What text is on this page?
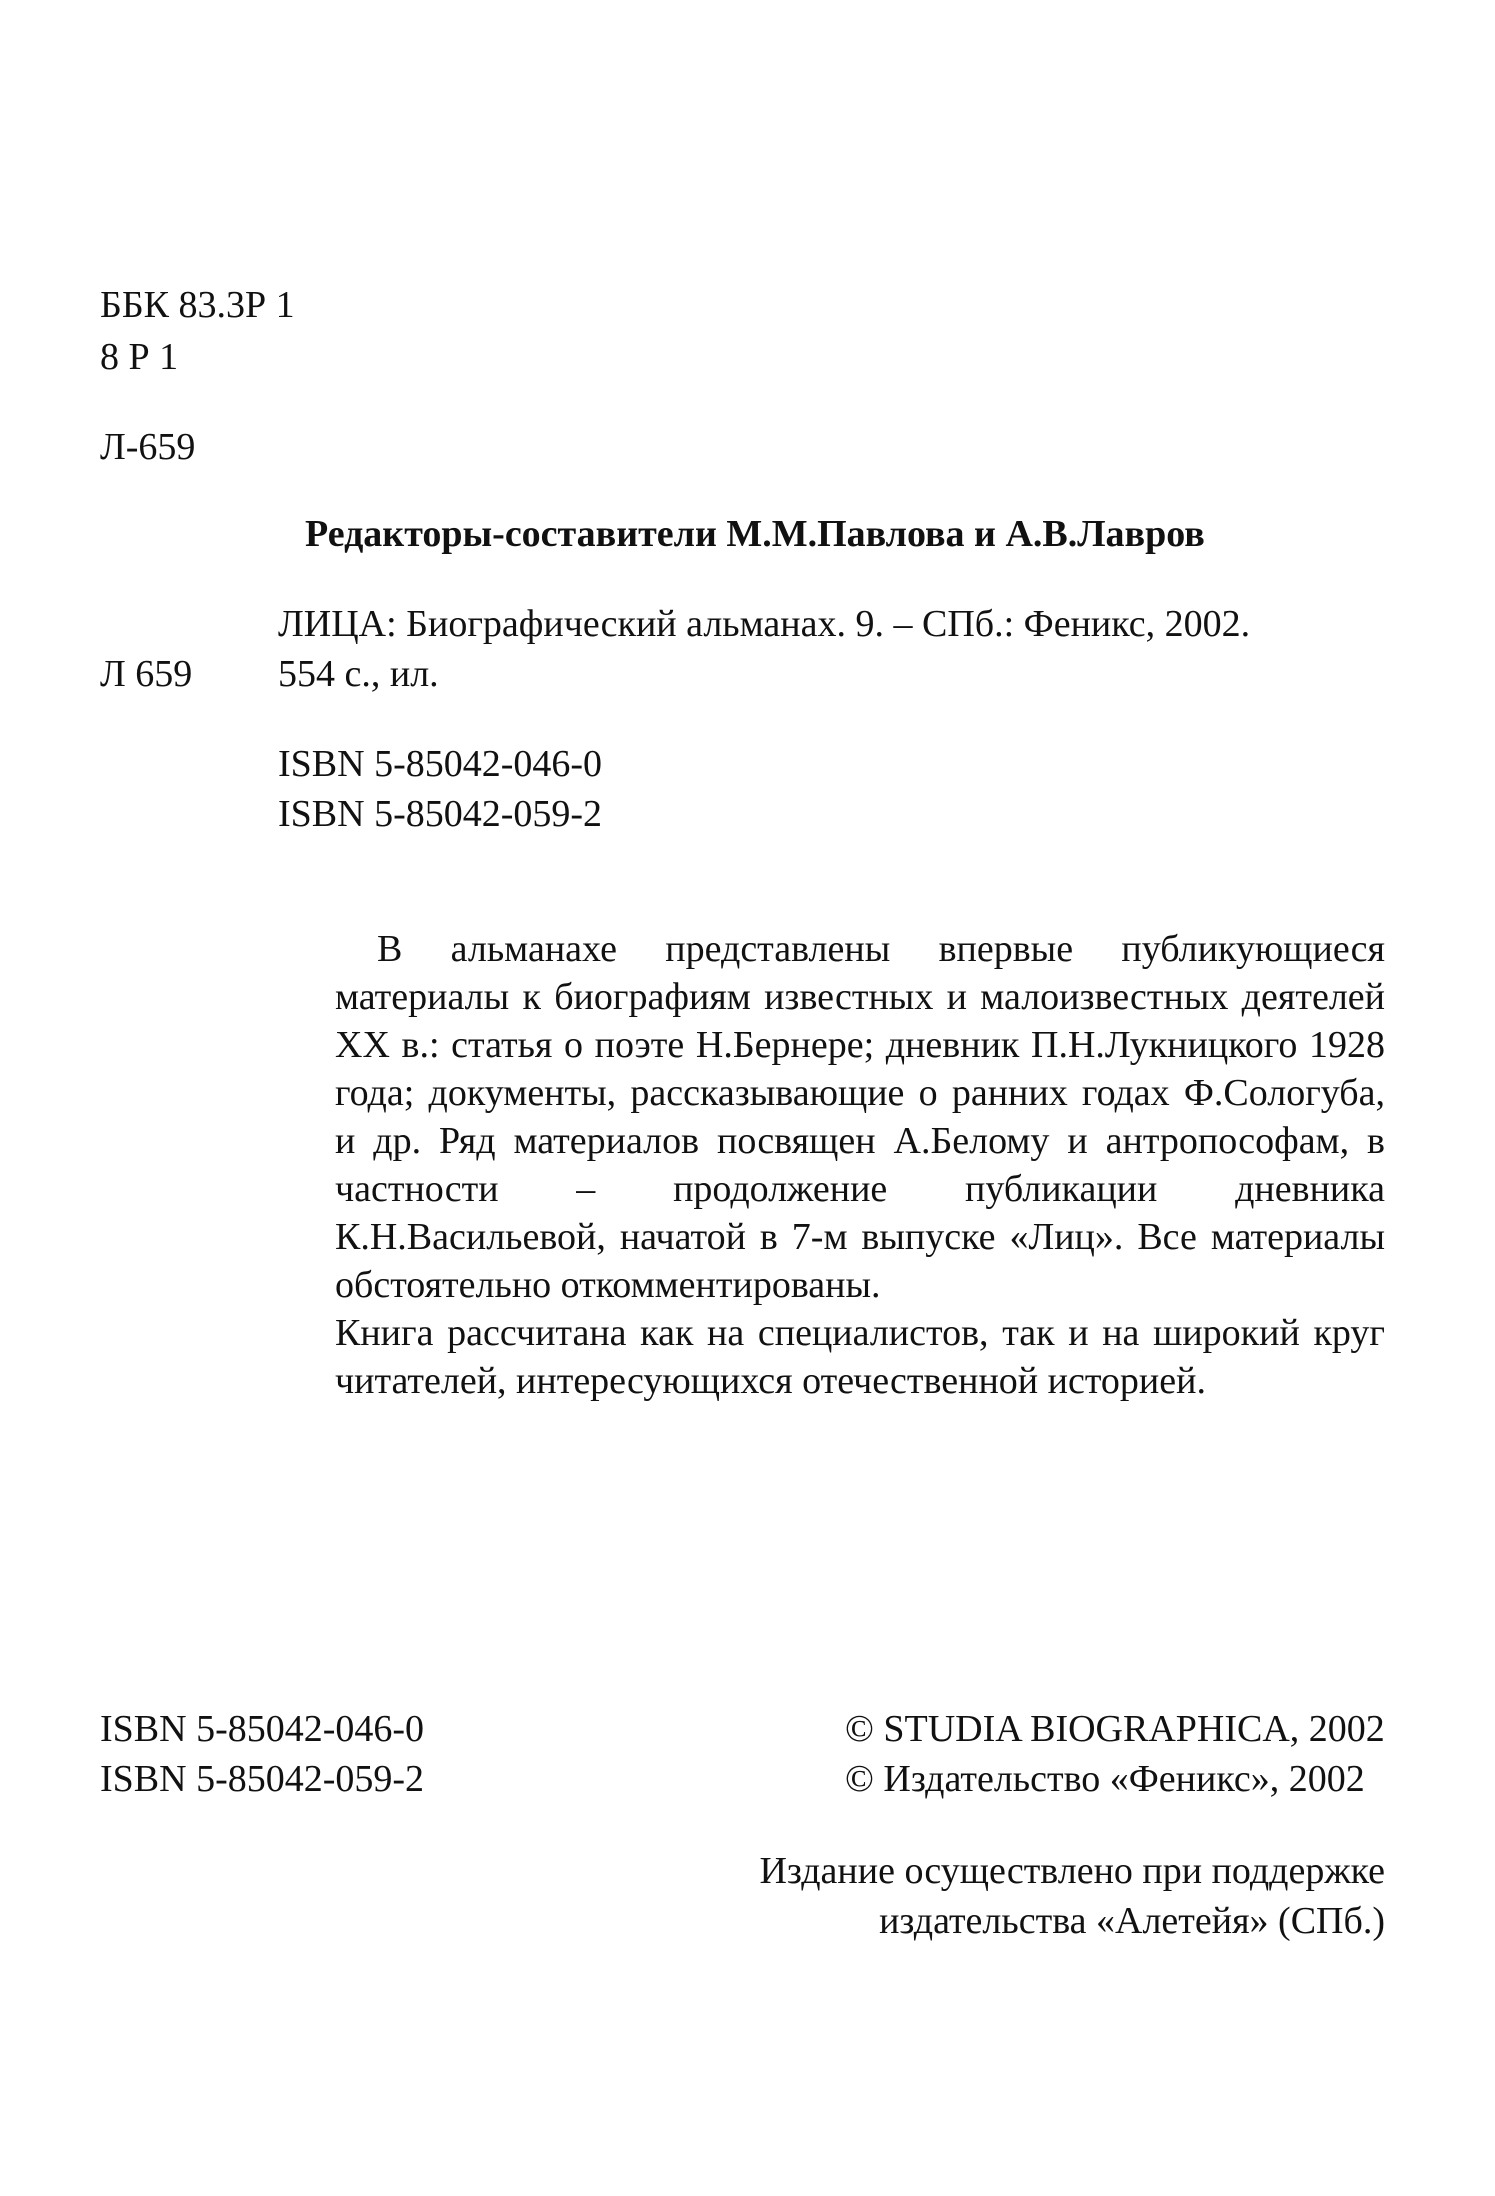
ББК 83.3Р 1
8 Р 1
Л-659
Редакторы-составители М.М.Павлова и А.В.Лавров
ЛИЦА: Биографический альманах. 9. – СПб.: Феникс, 2002.
Л 659 554 с., ил.
ISBN 5-85042-046-0
ISBN 5-85042-059-2

В альманахе представлены впервые публикующиеся материалы к биографиям известных и малоизвестных деятелей XX в.: статья о поэте Н.Бернере; дневник П.Н.Лукницкого 1928 года; документы, рассказывающие о ранних годах Ф.Сологуба, и др. Ряд материалов посвящен А.Белому и антропософам, в частности – продолжение публикации дневника К.Н.Васильевой, начатой в 7-м выпуске «Лиц». Все материалы обстоятельно откомментированы.

Книга рассчитана как на специалистов, так и на широкий круг читателей, интересующихся отечественной историей.

ISBN 5-85042-046-0
ISBN 5-85042-059-2
© STUDIA BIOGRAPHICA, 2002
© Издательство «Феникс», 2002
Издание осуществлено при поддержке
издательства «Алетейя» (СПб.)
